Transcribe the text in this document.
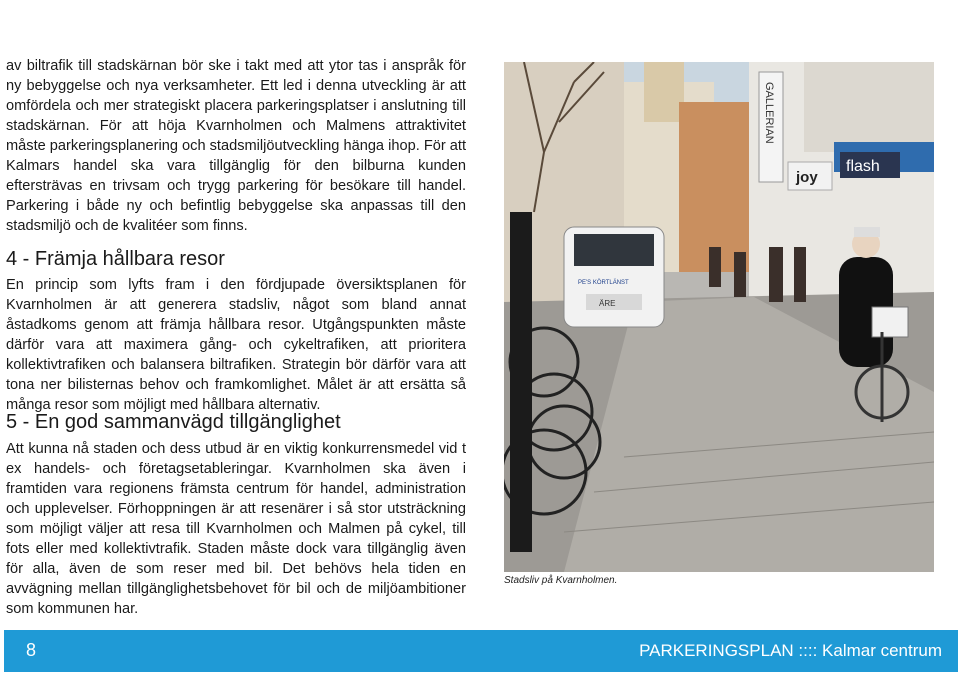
av biltrafik till stadskärnan bör ske i takt med att ytor tas i anspråk för ny bebyggelse och nya verksamheter. Ett led i denna utveckling är att omfördela och mer strategiskt placera parkeringsplatser i anslutning till stadskärnan. För att höja Kvarnholmen och Malmens attraktivitet måste parkeringsplanering och stadsmiljöutveckling hänga ihop. För att Kalmars handel ska vara tillgänglig för den bilburna kunden eftersträvas en trivsam och trygg parkering för besökare till handel. Parkering i både ny och befintlig bebyggelse ska anpassas till den stadsmiljö och de kvalitéer som finns.

4 - Främja hållbara resor

En princip som lyfts fram i den fördjupade översiktsplanen för Kvarnholmen är att generera stadsliv, något som bland annat åstadkoms genom att främja hållbara resor. Utgångspunkten måste därför vara att maximera gång- och cykeltrafiken, att prioritera kollektivtrafiken och balansera biltrafiken. Strategin bör därför vara att tona ner bilisternas behov och framkomlighet. Målet är att ersätta så många resor som möjligt med hållbara alternativ.

5 - En god sammanvägd tillgänglighet

Att kunna nå staden och dess utbud är en viktig konkurrensmedel vid t ex handels- och företagsetableringar. Kvarnholmen ska även i framtiden vara regionens främsta centrum för handel, administration och upplevelser. Förhoppningen är att resenärer i så stor utsträckning som möjligt väljer att resa till Kvarnholmen och Malmen på cykel, till fots eller med kollektivtrafik. Staden måste dock vara tillgänglig även för alla, även de som reser med bil. Det behövs hela tiden en avvägning mellan tillgänglighetsbehovet för bil och de miljöambitioner som kommunen har.

GALLERIAN
flash
joy
PE'S KÖRTLÄNST
ÄRE
Stadsliv på Kvarnholmen.
8	PARKERINGSPLAN :::: Kalmar centrum
